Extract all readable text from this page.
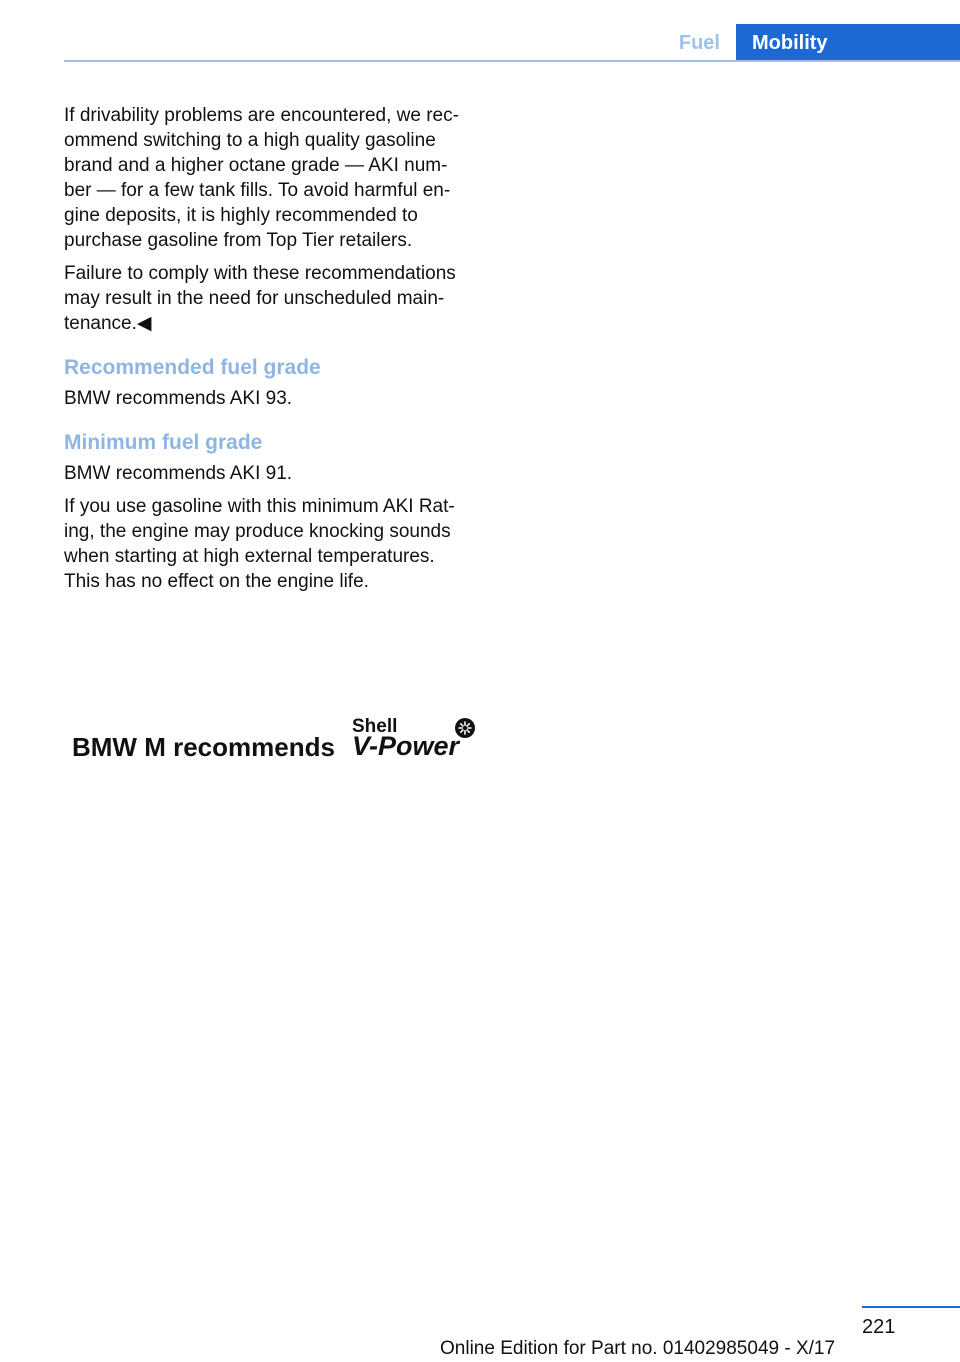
Fuel	Mobility

If drivability problems are encountered, we rec‐
ommend switching to a high quality gasoline
brand and a higher octane grade — AKI num‐
ber — for a few tank fills. To avoid harmful en‐
gine deposits, it is highly recommended to
purchase gasoline from Top Tier retailers.

Failure to comply with these recommendations
may result in the need for unscheduled main‐
tenance.◀

Recommended fuel grade

BMW recommends AKI 93.

Minimum fuel grade

BMW recommends AKI 91.

If you use gasoline with this minimum AKI Rat‐
ing, the engine may produce knocking sounds
when starting at high external temperatures.
This has no effect on the engine life.

BMW M recommends
Shell
V-Power
221
Online Edition for Part no. 01402985049 - X/17
